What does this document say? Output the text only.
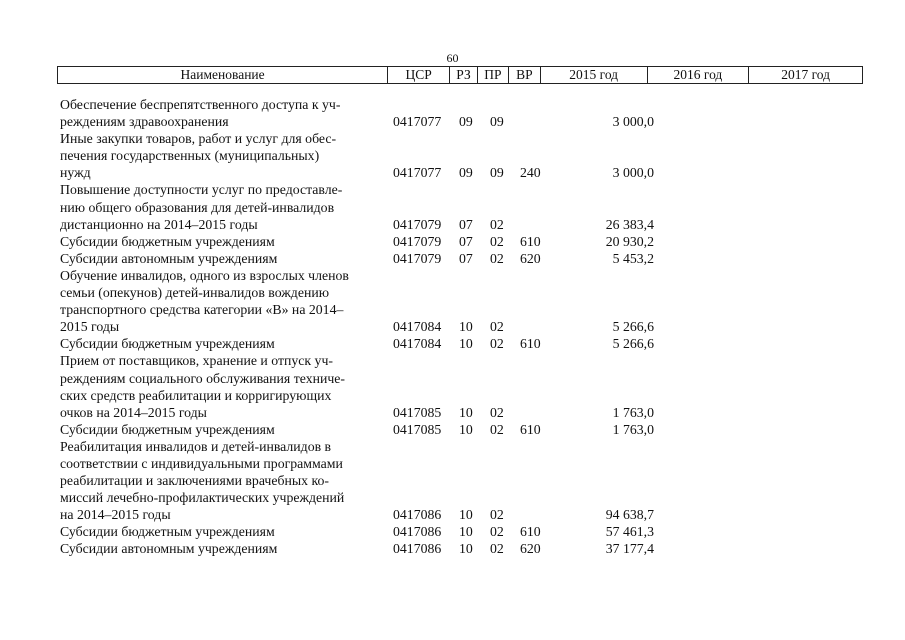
60
Наименование	ЦСР	РЗ	ПР	ВР	2015 год	2016 год	2017 год
Обеспечение беспрепятственного доступа к уч-
реждениям здравоохранения	0417077 09 09	3 000,0
Иные закупки товаров, работ и услуг для обес-
печения государственных (муниципальных)
нужд	0417077 09 09 240	3 000,0
Повышение доступности услуг по предоставле-
нию общего образования для детей-инвалидов
дистанционно на 2014–2015 годы	0417079 07 02	26 383,4
Субсидии бюджетным учреждениям	0417079 07 02 610	20 930,2
Субсидии автономным учреждениям	0417079 07 02 620	5 453,2
Обучение инвалидов, одного из взрослых членов
семьи (опекунов) детей-инвалидов вождению
транспортного средства категории «В» на 2014–
2015 годы	0417084 10 02	5 266,6
Субсидии бюджетным учреждениям	0417084 10 02 610	5 266,6
Прием от поставщиков, хранение и отпуск уч-
реждениям социального обслуживания техниче-
ских средств реабилитации и корригирующих
очков на 2014–2015 годы	0417085 10 02	1 763,0
Субсидии бюджетным учреждениям	0417085 10 02 610	1 763,0
Реабилитация инвалидов и детей-инвалидов в
соответствии с индивидуальными программами
реабилитации и заключениями врачебных ко-
миссий лечебно-профилактических учреждений
на 2014–2015 годы	0417086 10 02	94 638,7
Субсидии бюджетным учреждениям	0417086 10 02 610	57 461,3
Субсидии автономным учреждениям	0417086 10 02 620	37 177,4
